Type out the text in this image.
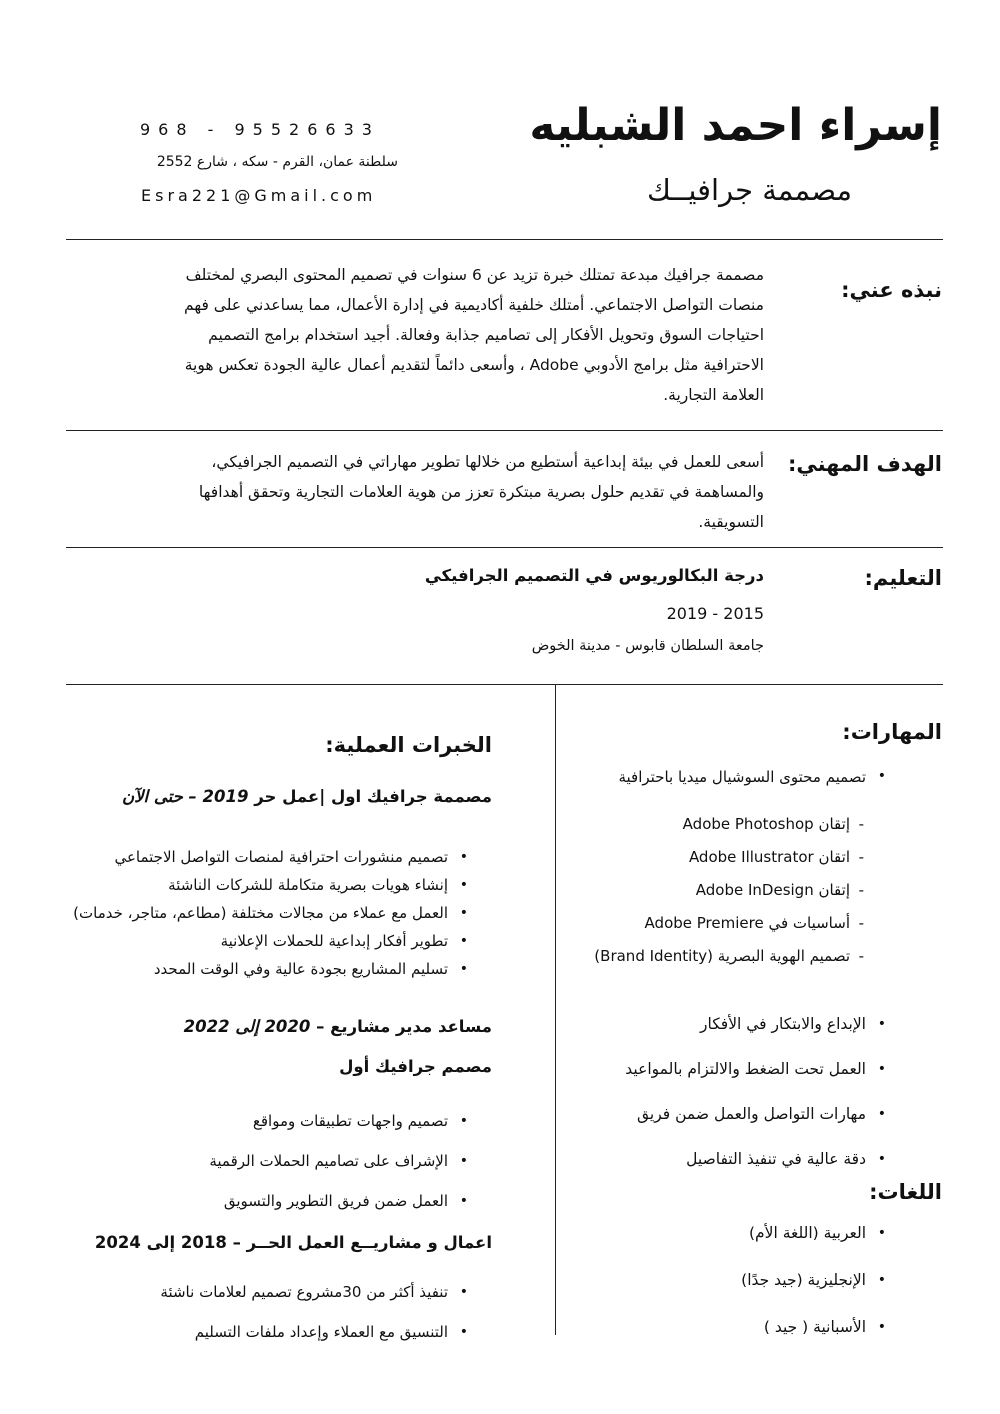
إسراء احمد الشبليه
مصممة جرافيــك
968 - 95526633
سلطنة عمان، القرم - سكه ، شارع 2552
Esra221@Gmail.com
نبذه عني:
مصممة جرافيك مبدعة تمتلك خبرة تزيد عن 6 سنوات في تصميم المحتوى البصري لمختلف
منصات التواصل الاجتماعي. أمتلك خلفية أكاديمية في إدارة الأعمال، مما يساعدني على فهم
احتياجات السوق وتحويل الأفكار إلى تصاميم جذابة وفعالة. أجيد استخدام برامج التصميم
الاحترافية مثل برامج الأدوبي Adobe ، وأسعى دائماً لتقديم أعمال عالية الجودة تعكس هوية
العلامة التجارية.
الهدف المهني:
أسعى للعمل في بيئة إبداعية أستطيع من خلالها تطوير مهاراتي في التصميم الجرافيكي،
والمساهمة في تقديم حلول بصرية مبتكرة تعزز من هوية العلامات التجارية وتحقق أهدافها
التسويقية.
التعليم:
درجة البكالوريوس في التصميم الجرافيكي
2015 - 2019
جامعة السلطان قابوس - مدينة الخوض
المهارات:
• تصميم محتوى السوشيال ميديا باحترافية
- إتقان Adobe Photoshop
- اتقان Adobe Illustrator
- إتقان Adobe InDesign
- أساسيات في Adobe Premiere
- تصميم الهوية البصرية (Brand Identity)
• الإبداع والابتكار في الأفكار
• العمل تحت الضغط والالتزام بالمواعيد
• مهارات التواصل والعمل ضمن فريق
• دقة عالية في تنفيذ التفاصيل
اللغات:
• العربية (اللغة الأم)
• الإنجليزية (جيد جدًا)
• الأسبانية ( جيد )
الخبرات العملية:
مصممة جرافيك اول |عمل حر 2019 – حتى الآن
• تصميم منشورات احترافية لمنصات التواصل الاجتماعي
• إنشاء هويات بصرية متكاملة للشركات الناشئة
• العمل مع عملاء من مجالات مختلفة (مطاعم، متاجر، خدمات)
• تطوير أفكار إبداعية للحملات الإعلانية
• تسليم المشاريع بجودة عالية وفي الوقت المحدد
مساعد مدير مشاريع – 2020 إلى 2022
مصمم جرافيك أول
• تصميم واجهات تطبيقات ومواقع
• الإشراف على تصاميم الحملات الرقمية
• العمل ضمن فريق التطوير والتسويق
اعمال و مشاريــع العمل الحــر – 2018 إلى 2024
• تنفيذ أكثر من 30مشروع تصميم لعلامات ناشئة
• التنسيق مع العملاء وإعداد ملفات التسليم
